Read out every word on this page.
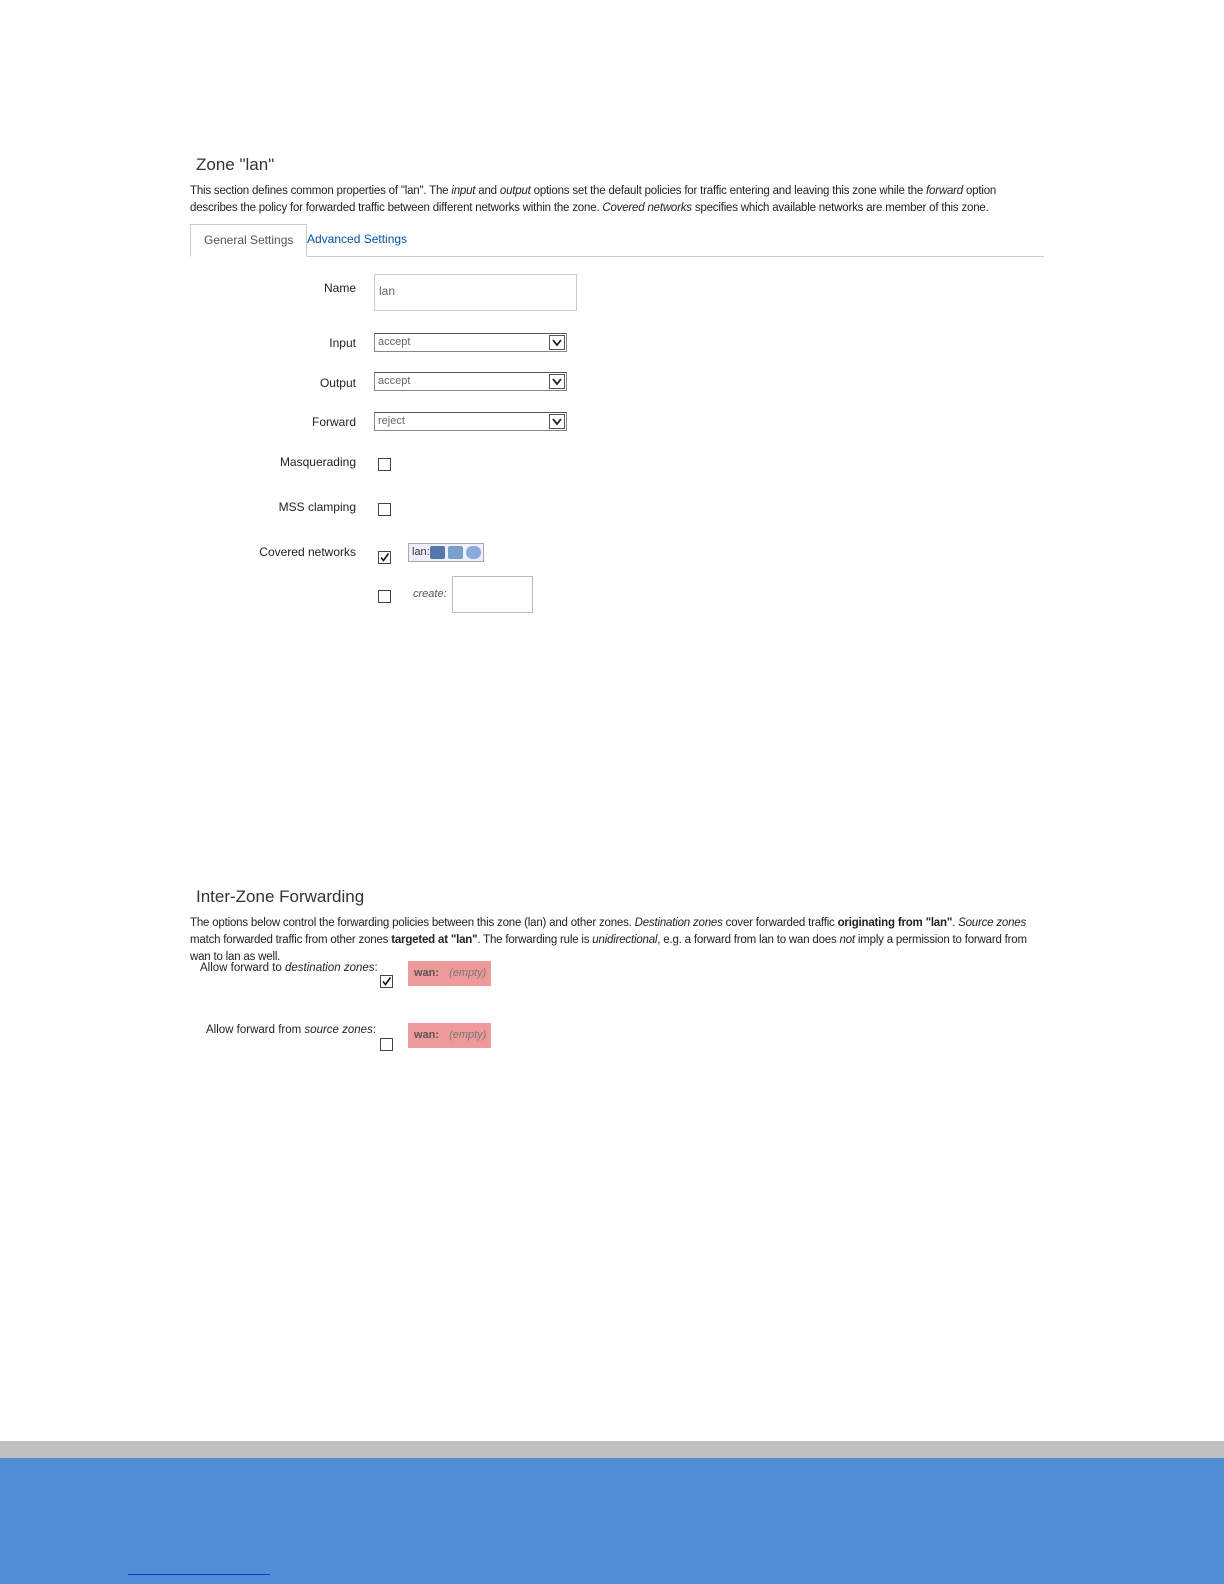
Zone "lan"
This section defines common properties of "lan". The input and output options set the default policies for traffic entering and leaving this zone while the forward option describes the policy for forwarded traffic between different networks within the zone. Covered networks specifies which available networks are member of this zone.
General Settings	Advanced Settings
Name	lan
Input	accept
Output	accept
Forward	reject
Masquerading
MSS clamping
Covered networks	lan:
create:
Inter-Zone Forwarding
The options below control the forwarding policies between this zone (lan) and other zones. Destination zones cover forwarded traffic originating from "lan". Source zones match forwarded traffic from other zones targeted at "lan". The forwarding rule is unidirectional, e.g. a forward from lan to wan does not imply a permission to forward from wan to lan as well.
Allow forward to destination zones:	wan: (empty)
Allow forward from source zones:	wan: (empty)
